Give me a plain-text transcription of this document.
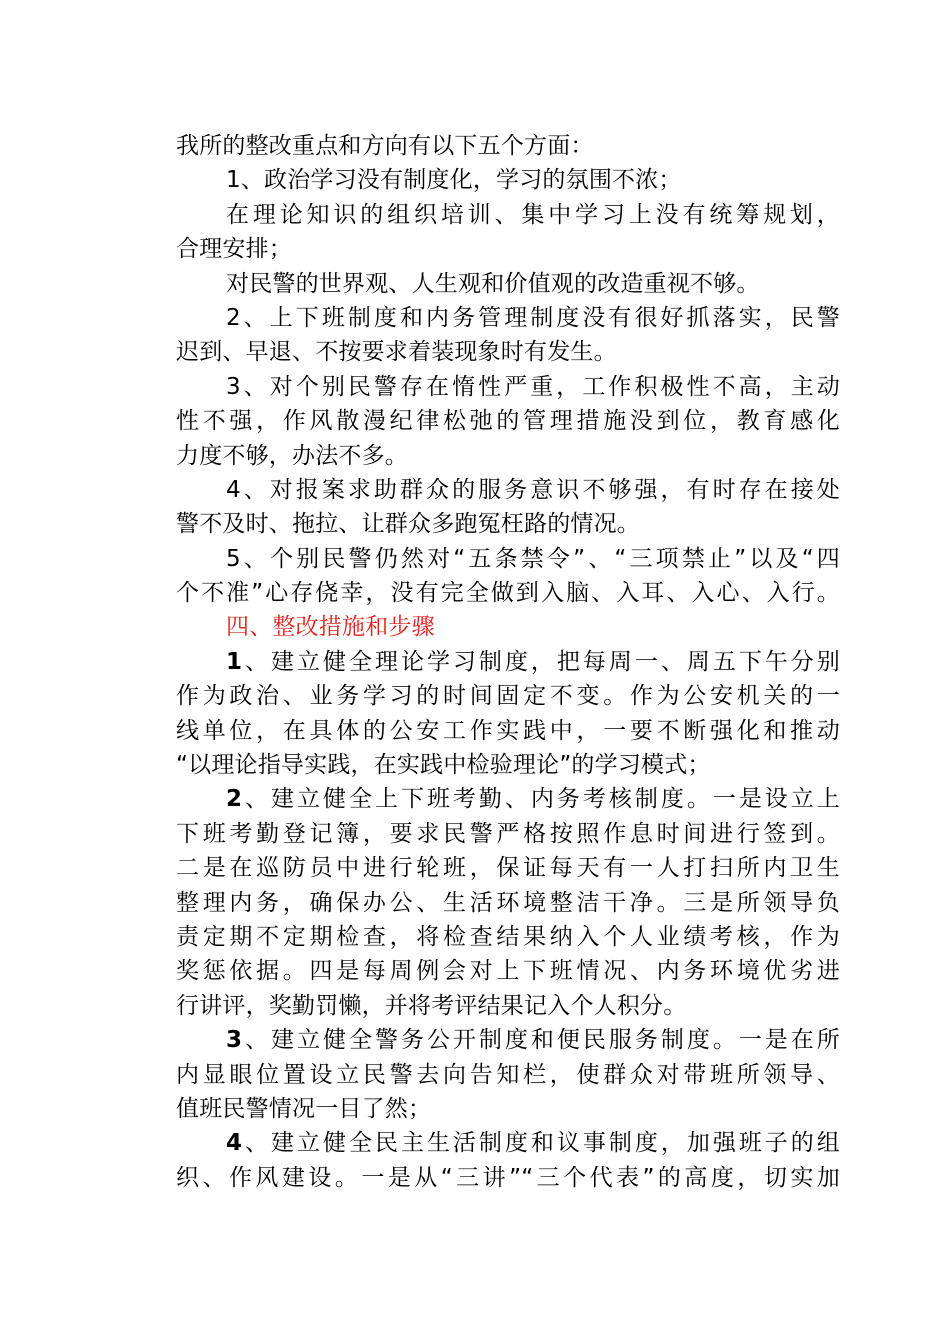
我所的整改重点和方向有以下五个方面：
1、政治学习没有制度化，学习的氛围不浓；
在理论知识的组织培训、集中学习上没有统筹规划，
合理安排；
对民警的世界观、人生观和价值观的改造重视不够。
2、上下班制度和内务管理制度没有很好抓落实，民警
迟到、早退、不按要求着装现象时有发生。
3、对个别民警存在惰性严重，工作积极性不高，主动
性不强，作风散漫纪律松弛的管理措施没到位，教育感化
力度不够，办法不多。
4、对报案求助群众的服务意识不够强，有时存在接处
警不及时、拖拉、让群众多跑冤枉路的情况。
5、个别民警仍然对“五条禁令”、“三项禁止”以及“四
个不准”心存侥幸，没有完全做到入脑、入耳、入心、入行。
四、整改措施和步骤
1、建立健全理论学习制度，把每周一、周五下午分别
作为政治、业务学习的时间固定不变。作为公安机关的一
线单位，在具体的公安工作实践中，一要不断强化和推动
“以理论指导实践，在实践中检验理论”的学习模式；
2、建立健全上下班考勤、内务考核制度。一是设立上
下班考勤登记簿，要求民警严格按照作息时间进行签到。
二是在巡防员中进行轮班，保证每天有一人打扫所内卫生
整理内务，确保办公、生活环境整洁干净。三是所领导负
责定期不定期检查，将检查结果纳入个人业绩考核，作为
奖惩依据。四是每周例会对上下班情况、内务环境优劣进
行讲评，奖勤罚懒，并将考评结果记入个人积分。
3、建立健全警务公开制度和便民服务制度。一是在所
内显眼位置设立民警去向告知栏，使群众对带班所领导、
值班民警情况一目了然；
4、建立健全民主生活制度和议事制度，加强班子的组
织、作风建设。一是从“三讲”“三个代表”的高度，切实加
